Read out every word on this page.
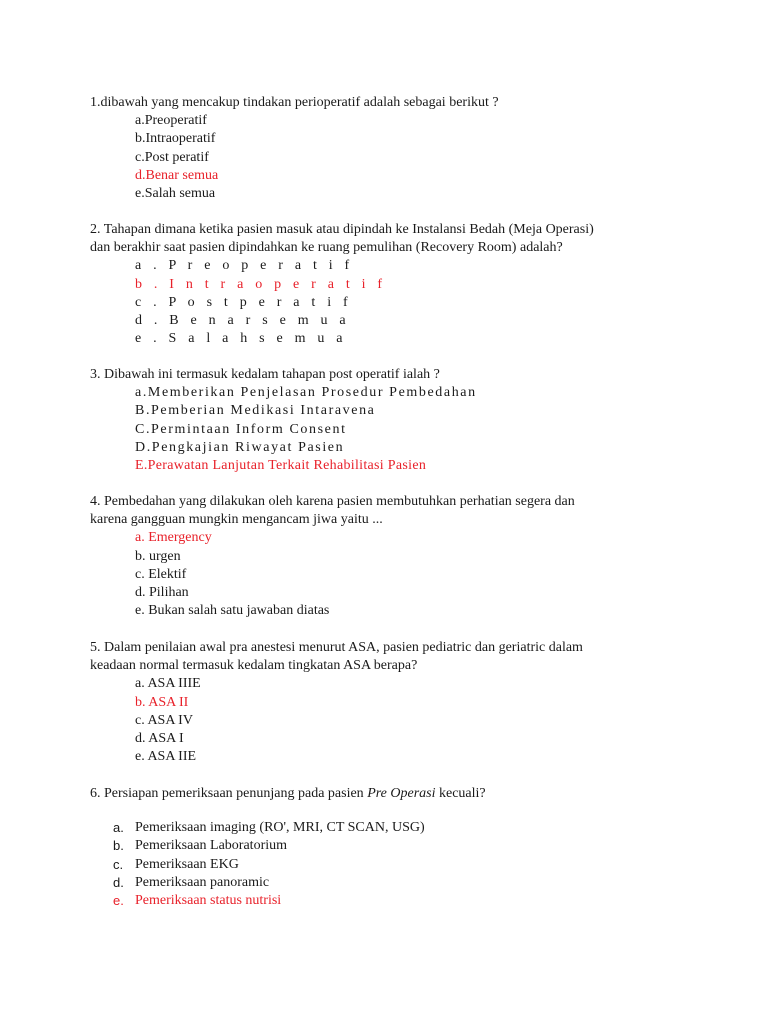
1.dibawah yang mencakup tindakan perioperatif adalah sebagai berikut ?
a.Preoperatif
b.Intraoperatif
c.Post peratif
d.Benar semua
e.Salah semua
2. Tahapan dimana ketika pasien masuk atau dipindah ke Instalansi Bedah (Meja Operasi)
dan berakhir saat pasien dipindahkan ke ruang pemulihan (Recovery Room) adalah?
a . P r e o p e r a t i f
b . I n t r a o p e r a t i f
c . P o s t p e r a t i f
d . B e n a r s e m u a
e . S a l a h s e m u a
3. Dibawah ini termasuk kedalam tahapan post operatif ialah ?
a.Memberikan Penjelasan Prosedur Pembedahan
B.Pemberian Medikasi Intaravena
C.Permintaan Inform Consent
D.Pengkajian Riwayat Pasien
E.Perawatan Lanjutan Terkait Rehabilitasi Pasien
4. Pembedahan yang dilakukan oleh karena pasien membutuhkan perhatian segera dan
karena gangguan mungkin mengancam jiwa yaitu ...
a. Emergency
b. urgen
c. Elektif
d. Pilihan
e. Bukan salah satu jawaban diatas
5. Dalam penilaian awal pra anestesi menurut ASA, pasien pediatric dan geriatric dalam
keadaan normal termasuk kedalam tingkatan ASA berapa?
a. ASA IIIE
b. ASA II
c. ASA IV
d. ASA I
e. ASA IIE
6. Persiapan pemeriksaan penunjang pada pasien Pre Operasi kecuali?
a. Pemeriksaan imaging (RO', MRI, CT SCAN, USG)
b. Pemeriksaan Laboratorium
c. Pemeriksaan EKG
d. Pemeriksaan panoramic
e. Pemeriksaan status nutrisi
